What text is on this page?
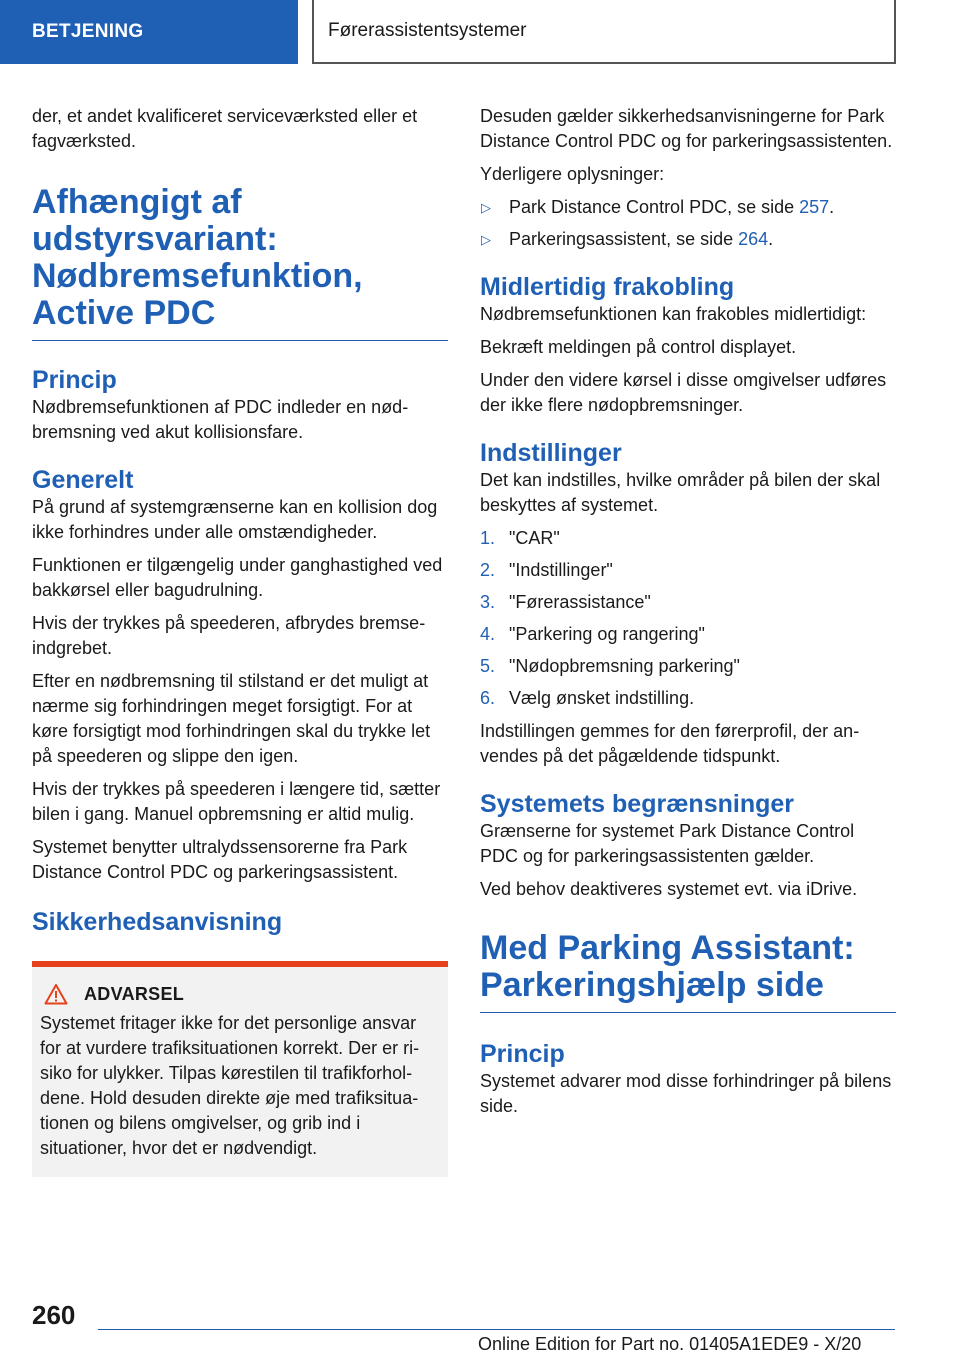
BETJENING	Førerassistentsystemer

der, et andet kvalificeret serviceværksted eller et fagværksted.

Afhængigt af udstyrsvariant: Nødbremsefunktion, Active PDC
Princip

Nødbremsefunktionen af PDC indleder en nødbremsning ved akut kollisionsfare.

Generelt

På grund af systemgrænserne kan en kollision dog ikke forhindres under alle omstændigheder.

Funktionen er tilgængelig under ganghastighed ved bakkørsel eller bagudrulning.

Hvis der trykkes på speederen, afbrydes bremseindgrebet.

Efter en nødbremsning til stilstand er det muligt at nærme sig forhindringen meget forsigtigt. For at køre forsigtigt mod forhindringen skal du trykke let på speederen og slippe den igen.

Hvis der trykkes på speederen i længere tid, sætter bilen i gang. Manuel opbremsning er altid mulig.

Systemet benytter ultralydssensorerne fra Park Distance Control PDC og parkeringsassistent.

Sikkerhedsanvisning
ADVARSEL

Systemet fritager ikke for det personlige ansvar for at vurdere trafiksituationen korrekt. Der er risiko for ulykker. Tilpas kørestilen til trafikforholdene. Hold desuden direkte øje med trafiksituationen og bilens omgivelser, og grib ind i situationer, hvor det er nødvendigt.

Desuden gælder sikkerhedsanvisningerne for Park Distance Control PDC og for parkeringsassistenten.

Yderligere oplysninger:

▷ Park Distance Control PDC, se side 257.
▷ Parkeringsassistent, se side 264.
Midlertidig frakobling

Nødbremsefunktionen kan frakobles midlertidigt:

Bekræft meldingen på control displayet.

Under den videre kørsel i disse omgivelser udføres der ikke flere nødopbremsninger.

Indstillinger

Det kan indstilles, hvilke områder på bilen der skal beskyttes af systemet.

1. "CAR"
2. "Indstillinger"
3. "Førerassistance"
4. "Parkering og rangering"
5. "Nødopbremsning parkering"
6. Vælg ønsket indstilling.

Indstillingen gemmes for den førerprofil, der anvendes på det pågældende tidspunkt.

Systemets begrænsninger

Grænserne for systemet Park Distance Control PDC og for parkeringsassistenten gælder.

Ved behov deaktiveres systemet evt. via iDrive.

Med Parking Assistant: Parkeringshjælp side
Princip

Systemet advarer mod disse forhindringer på bilens side.

260
Online Edition for Part no. 01405A1EDE9 - X/20
